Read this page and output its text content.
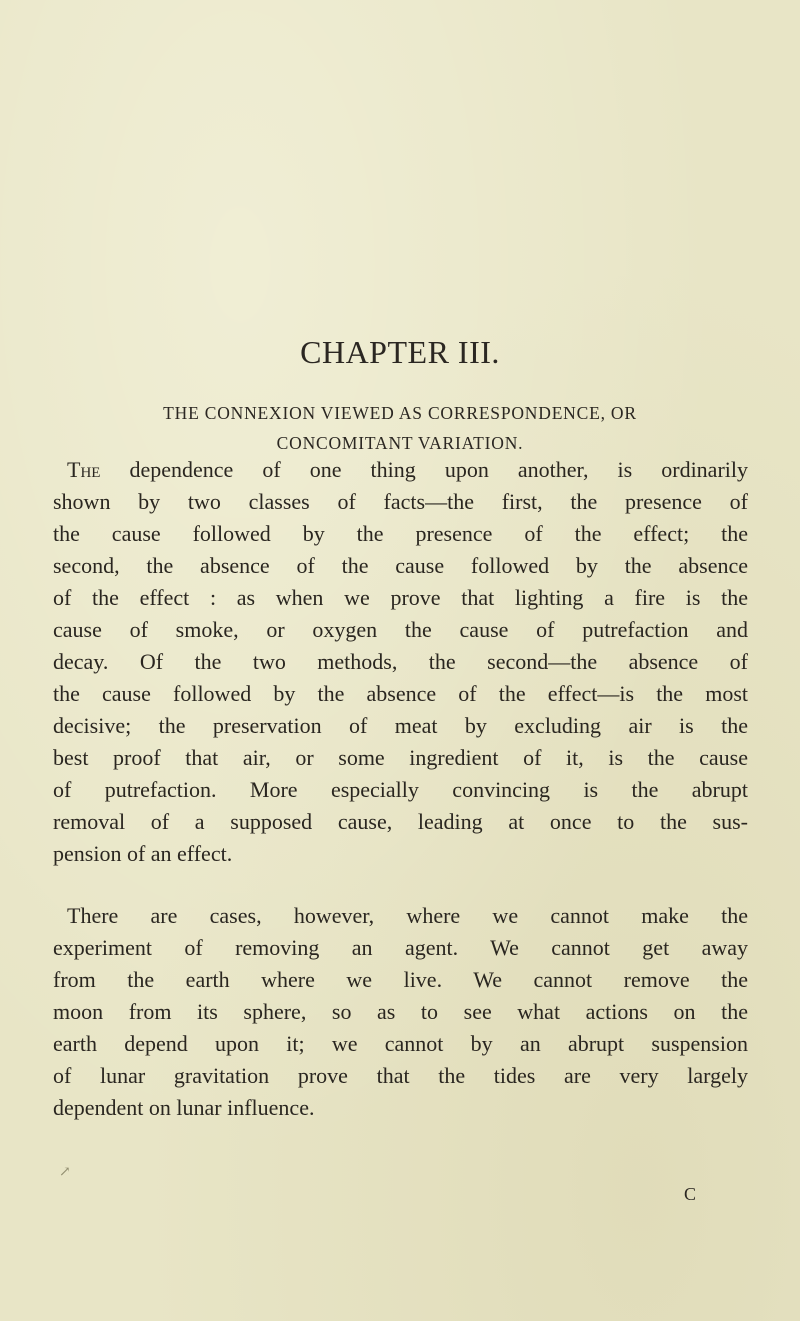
CHAPTER III.
THE CONNEXION VIEWED AS CORRESPONDENCE, OR
CONCOMITANT VARIATION.
The dependence of one thing upon another, is ordinarily
shown by two classes of facts—the first, the presence of
the cause followed by the presence of the effect; the
second, the absence of the cause followed by the absence
of the effect : as when we prove that lighting a fire is the
cause of smoke, or oxygen the cause of putrefaction and
decay. Of the two methods, the second—the absence of
the cause followed by the absence of the effect—is the most
decisive; the preservation of meat by excluding air is the
best proof that air, or some ingredient of it, is the cause
of putrefaction. More especially convincing is the abrupt
removal of a supposed cause, leading at once to the sus-
pension of an effect.
There are cases, however, where we cannot make the
experiment of removing an agent. We cannot get away
from the earth where we live. We cannot remove the
moon from its sphere, so as to see what actions on the
earth depend upon it; we cannot by an abrupt suspension
of lunar gravitation prove that the tides are very largely
dependent on lunar influence.
↗
C
